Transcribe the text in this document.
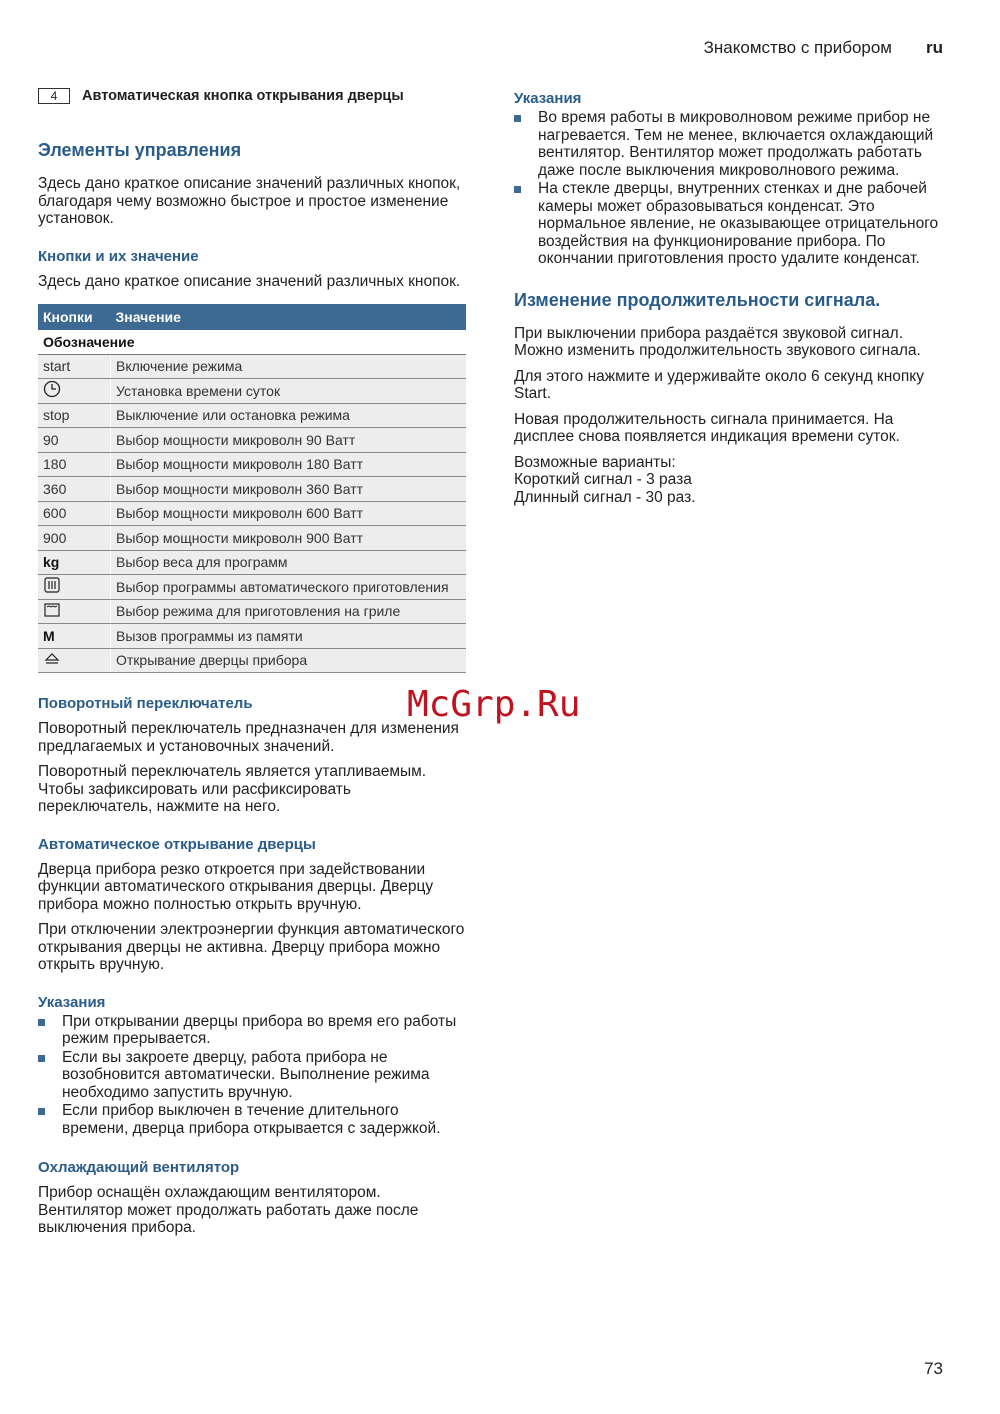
Знакомство с прибором ru
4	Автоматическая кнопка открывания дверцы
Элементы управления

Здесь дано краткое описание значений различных кнопок, благодаря чему возможно быстрое и простое изменение установок.

Кнопки и их значение

Здесь дано краткое описание значений различных кнопок.

Кнопки	Значение
Обозначение	
start	Включение режима
	Установка времени суток
stop	Выключение или остановка режима
90	Выбор мощности микроволн 90 Ватт
180	Выбор мощности микроволн 180 Ватт
360	Выбор мощности микроволн 360 Ватт
600	Выбор мощности микроволн 600 Ватт
900	Выбор мощности микроволн 900 Ватт
kg	Выбор веса для программ
	Выбор программы автоматического приготовления
	Выбор режима для приготовления на гриле
M	Вызов программы из памяти
	Открывание дверцы прибора
Поворотный переключатель

Поворотный переключатель предназначен для изменения предлагаемых и установочных значений.

Поворотный переключатель является утапливаемым. Чтобы зафиксировать или расфиксировать переключатель, нажмите на него.

Автоматическое открывание дверцы

Дверца прибора резко откроется при задействовании функции автоматического открывания дверцы. Дверцу прибора можно полностью открыть вручную.

При отключении электроэнергии функция автоматического открывания дверцы не активна. Дверцу прибора можно открыть вручную.

Указания
При открывании дверцы прибора во время его работы режим прерывается.
Если вы закроете дверцу, работа прибора не возобновится автоматически. Выполнение режима необходимо запустить вручную.
Если прибор выключен в течение длительного времени, дверца прибора открывается с задержкой.
Охлаждающий вентилятор

Прибор оснащён охлаждающим вентилятором. Вентилятор может продолжать работать даже после выключения прибора.

Указания
Во время работы в микроволновом режиме прибор не нагревается. Тем не менее, включается охлаждающий вентилятор. Вентилятор может продолжать работать даже после выключения микроволнового режима.
На стекле дверцы, внутренних стенках и дне рабочей камеры может образовываться конденсат. Это нормальное явление, не оказывающее отрицательного воздействия на функционирование прибора. По окончании приготовления просто удалите конденсат.
Изменение продолжительности сигнала.

При выключении прибора раздаётся звуковой сигнал. Можно изменить продолжительность звукового сигнала.

Для этого нажмите и удерживайте около 6 секунд кнопку Start.

Новая продолжительность сигнала принимается. На дисплее снова появляется индикация времени суток.

Возможные варианты:

Короткий сигнал - 3 раза

Длинный сигнал - 30 раз.

McGrp.Ru
73
